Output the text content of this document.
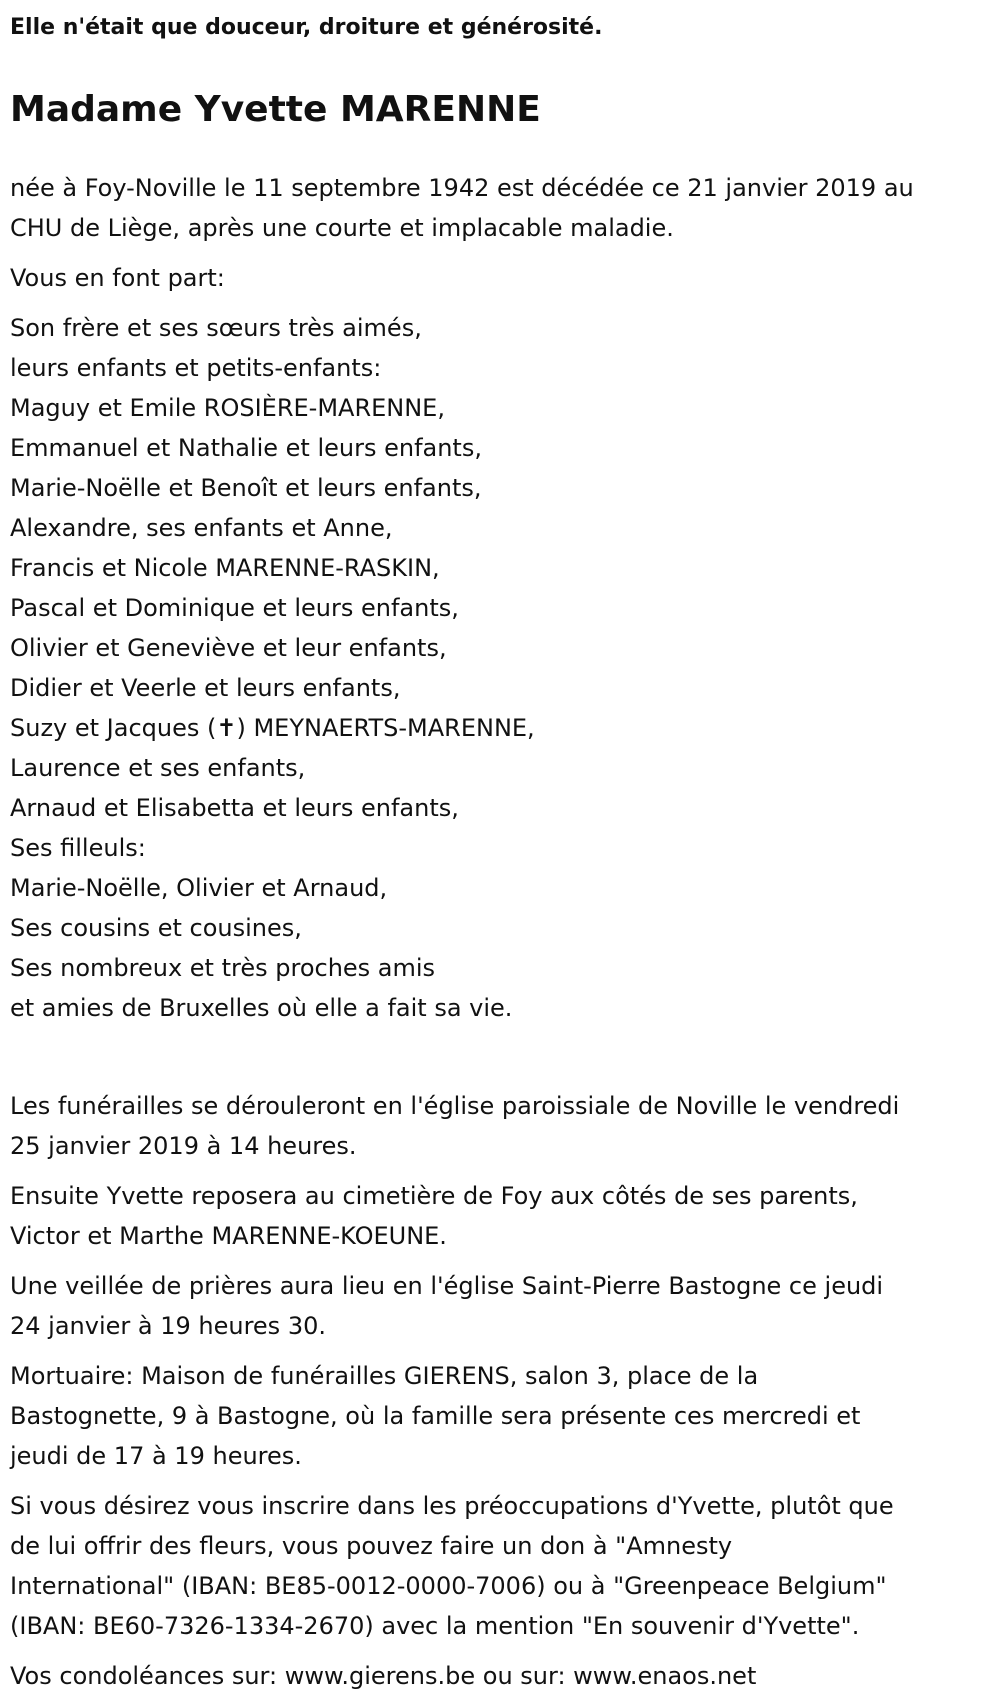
Elle n'était que douceur, droiture et générosité.
Madame Yvette MARENNE
née à Foy-Noville le 11 septembre 1942 est décédée ce 21 janvier 2019 au
CHU de Liège, après une courte et implacable maladie.
Vous en font part:
Son frère et ses sœurs très aimés,
leurs enfants et petits-enfants:
Maguy et Emile ROSIÈRE-MARENNE,
Emmanuel et Nathalie et leurs enfants,
Marie-Noëlle et Benoît et leurs enfants,
Alexandre, ses enfants et Anne,
Francis et Nicole MARENNE-RASKIN,
Pascal et Dominique et leurs enfants,
Olivier et Geneviève et leur enfants,
Didier et Veerle et leurs enfants,
Suzy et Jacques (✝) MEYNAERTS-MARENNE,
Laurence et ses enfants,
Arnaud et Elisabetta et leurs enfants,
Ses filleuls:
Marie-Noëlle, Olivier et Arnaud,
Ses cousins et cousines,
Ses nombreux et très proches amis
et amies de Bruxelles où elle a fait sa vie.
Les funérailles se dérouleront en l'église paroissiale de Noville le vendredi
25 janvier 2019 à 14 heures.
Ensuite Yvette reposera au cimetière de Foy aux côtés de ses parents,
Victor et Marthe MARENNE-KOEUNE.
Une veillée de prières aura lieu en l'église Saint-Pierre Bastogne ce jeudi
24 janvier à 19 heures 30.
Mortuaire: Maison de funérailles GIERENS, salon 3, place de la
Bastognette, 9 à Bastogne, où la famille sera présente ces mercredi et
jeudi de 17 à 19 heures.
Si vous désirez vous inscrire dans les préoccupations d'Yvette, plutôt que
de lui offrir des fleurs, vous pouvez faire un don à "Amnesty
International" (IBAN: BE85-0012-0000-7006) ou à "Greenpeace Belgium"
(IBAN: BE60-7326-1334-2670) avec la mention "En souvenir d'Yvette".
Vos condoléances sur: www.gierens.be ou sur: www.enaos.net
